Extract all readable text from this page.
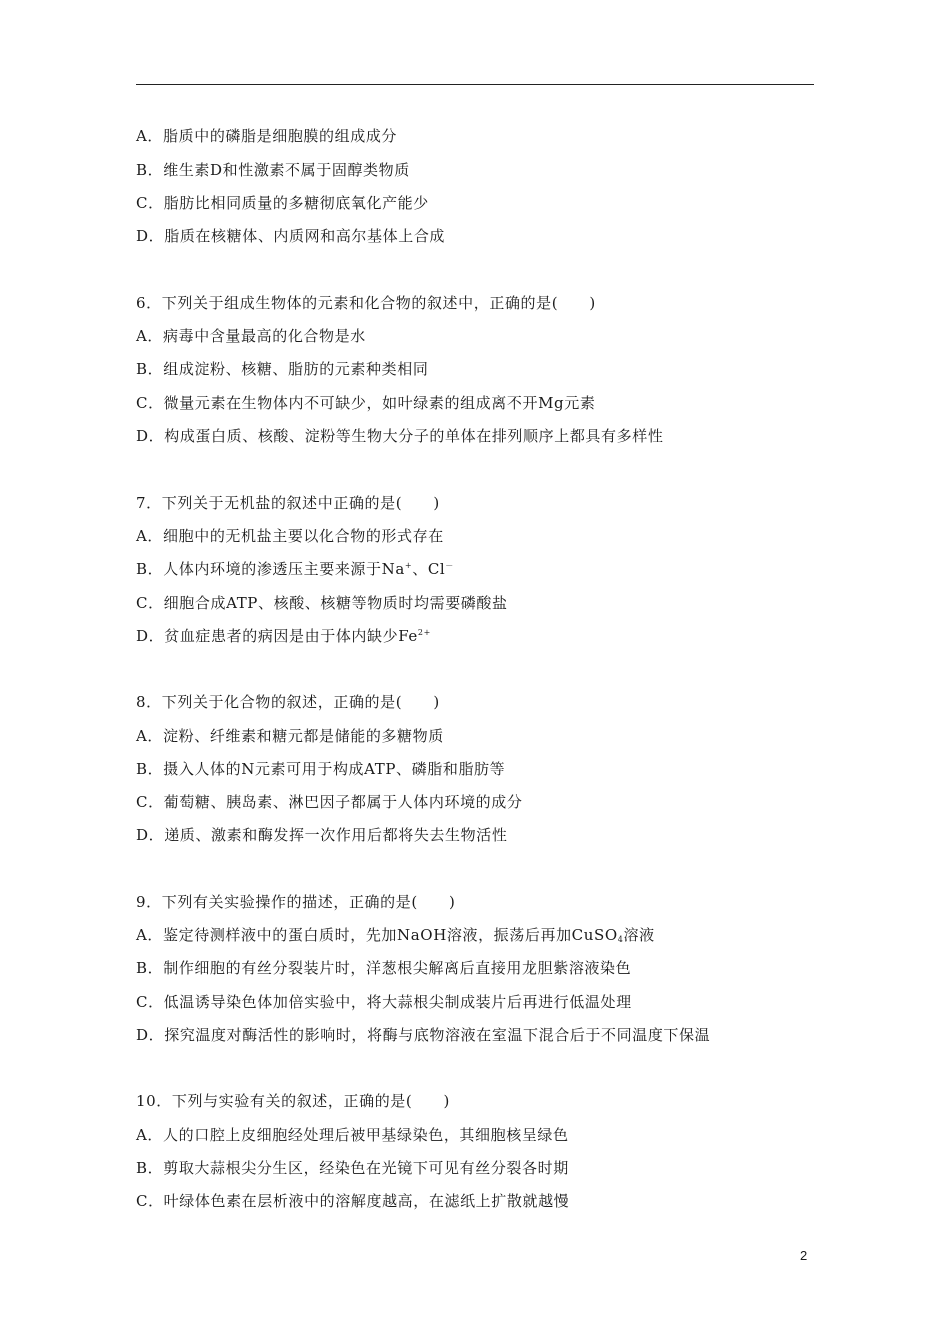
A．脂质中的磷脂是细胞膜的组成成分
B．维生素D和性激素不属于固醇类物质
C．脂肪比相同质量的多糖彻底氧化产能少
D．脂质在核糖体、内质网和高尔基体上合成
6．下列关于组成生物体的元素和化合物的叙述中，正确的是(　　)
A．病毒中含量最高的化合物是水
B．组成淀粉、核糖、脂肪的元素种类相同
C．微量元素在生物体内不可缺少，如叶绿素的组成离不开Mg元素
D．构成蛋白质、核酸、淀粉等生物大分子的单体在排列顺序上都具有多样性
7．下列关于无机盐的叙述中正确的是(　　)
A．细胞中的无机盐主要以化合物的形式存在
B．人体内环境的渗透压主要来源于Na+、Cl－
C．细胞合成ATP、核酸、核糖等物质时均需要磷酸盐
D．贫血症患者的病因是由于体内缺少$Fe^{2+}$
8．下列关于化合物的叙述，正确的是(　　)
A．淀粉、纤维素和糖元都是储能的多糖物质
B．摄入人体的N元素可用于构成ATP、磷脂和脂肪等
C．葡萄糖、胰岛素、淋巴因子都属于人体内环境的成分
D．递质、激素和酶发挥一次作用后都将失去生物活性
9．下列有关实验操作的描述，正确的是(　　)
A．鉴定待测样液中的蛋白质时，先加NaOH溶液，振荡后再加CuSO$_4$溶液
B．制作细胞的有丝分裂装片时，洋葱根尖解离后直接用龙胆紫溶液染色
C．低温诱导染色体加倍实验中，将大蒜根尖制成装片后再进行低温处理
D．探究温度对酶活性的影响时，将酶与底物溶液在室温下混合后于不同温度下保温
10．下列与实验有关的叙述，正确的是(　　)
A．人的口腔上皮细胞经处理后被甲基绿染色，其细胞核呈绿色
B．剪取大蒜根尖分生区，经染色在光镜下可见有丝分裂各时期
C．叶绿体色素在层析液中的溶解度越高，在滤纸上扩散就越慢
2
